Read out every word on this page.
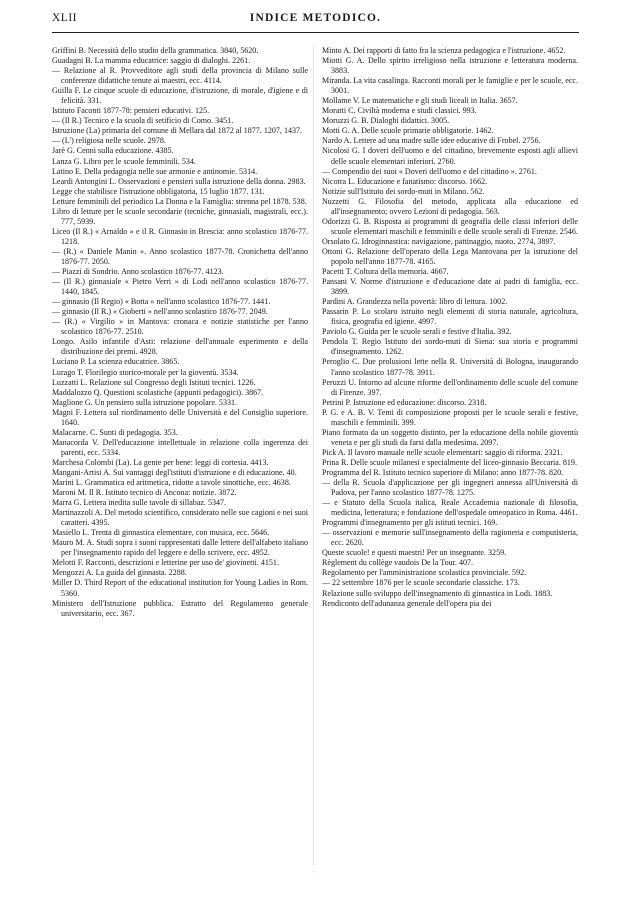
XLII	INDICE METODICO.

Griffini B. Necessità dello studio della grammatica. 3840, 5620.

Guadagni B. La mamma educatrice: saggio di dialoghi. 2261.

— Relazione al R. Provveditore agli studi della provincia di Milano sulle conferenze didattiche tenute ai maestri, ecc. 4114.

Guilla F. Le cinque scuole di educazione, d'istruzione, di morale, d'igiene e di felicità. 331.

Istituto Faconti 1877-78: pensieri educativi. 125.

— (Il R.) Tecnico e la scuola di setificio di Como. 3451.

Istruzione (La) primaria del comune di Mellara dal 1872 al 1877. 1207, 1437.

— (L') religiosa nelle scuole. 2978.

Jarè G. Cenni sulla educazione. 4385.

Lanza G. Libro per le scuole femminili. 534.

Latino E. Della pedagogia nelle sue armonie e antinomie. 5314.

Leardi Antongini L. Osservazioni e pensieri sulla istruzione della donna. 2983.

Legge che stabilisce l'istruzione obbligatoria, 15 luglio 1877. 131.

Letture femminili del periodico La Donna e la Famiglia: strenna pel 1878. 538.

Libro di letture per le scuole secondarie (tecniche, ginnasiali, magistrali, ecc.). 777, 5939.

Liceo (Il R.) « Arnaldo » e il R. Ginnasio in Brescia: anno scolastico 1876-77. 1218.

— (R.) « Daniele Manin ». Anno scolastico 1877-78. Cronichetta dell'anno 1876-77. 2050.

— Piazzi di Sondrio. Anno scolastico 1876-77. 4123.

— (Il R.) ginnasiale « Pietro Verri » di Lodi nell'anno scolastico 1876-77. 1440, 1845.

— ginnasio (Il Regio) « Botta » nell'anno scolastico 1876-77. 1441.

— ginnasio (Il R.) « Gioberti » nell'anno scolastico 1876-77. 2049.

— (R.) « Virgilio » in Mantova: cronaca e notizie statistiche per l'anno scolastico 1876-77. 2510.

Longo. Asilo infantile d'Asti: relazione dell'annuale esperimento e della distribuzione dei premi. 4928.

Luciano P. La scienza educatrice. 3865.

Lurago T. Florilegio storico-morale per la gioventù. 3534.

Luzzatti L. Relazione sul Congresso degli Istituti tecnici. 1226.

Maddalozzo Q. Questioni scolastiche (appunti pedagogici). 3867.

Maglione G. Un pensiero sulla istruzione popolare. 5331.

Magni F. Lettera sul riordinamento delle Università e del Consiglio superiore. 1640.

Malacarne. C. Sunti di pedagogia. 353.

Manacorda V. Dell'educazione intellettuale in relazione colla ingerenza dei parenti, ecc. 5334.

Marchesa Colombi (La). La gente per bene: leggi di cortesia. 4413.

Mangani-Artisi A. Sui vantaggi degl'istituti d'istruzione e di educazione. 40.

Marini L. Grammatica ed aritmetica, ridotte a tavole sinottiche, ecc. 4638.

Maroni M. Il R. Istituto tecnico di Ancona: notizie. 3872.

Marra G. Lettera inedita sulle tavole di sillabaz. 5347.

Martinazzoli A. Del metodo scientifico, considerato nelle sue cagioni e nei suoi caratteri. 4395.

Masiello L. Trenta di ginnastica elementare, con musica, ecc. 5646.

Mauro M. A. Studi sopra i suoni rappresentati dalle lettere dell'alfabeto italiano per l'insegnamento rapido del leggere e dello scrivere, ecc. 4952.

Melotti F. Racconti, descrizioni e letterine per uso de' giovinetti. 4151.

Mengozzi A. La guida del ginnasta. 2288.

Miller D. Third Report of the educational institution for Young Ladies in Rom. 5360.

Ministero dell'Istruzione pubblica. Estratto del Regolamento generale universitario, ecc. 367.

Minto A. Dei rapporti di fatto fra la scienza pedagogica e l'istruzione. 4652.

Miotti G. A. Dello spirito irreligioso nella istruzione e letteratura moderna. 3883.

Miranda. La vita casalinga. Racconti morali per le famiglie e per le scuole, ecc. 3001.

Mollame V. Le matematiche e gli studi liceali in Italia. 3657.

Moratti C. Civiltà moderna e studi classici. 993.

Moruzzi G. B. Dialoghi didattici. 3005.

Motti G. A. Delle scuole primarie obbligatorie. 1462.

Nardo A. Lettere ad una madre sulle idee educative di Frobel. 2756.

Nicolosi G. I doveri dell'uomo e del cittadino, brevemente esposti agli allievi delle scuole elementari inferiori. 2760.

— Compendio dei suoi « Doveri dell'uomo e del cittadino ». 2761.

Nicotra L. Educazione e fanatismo: discorso. 1662.

Notizie sull'Istituto dei sordo-muti in Milano. 562.

Nuzzetti G. Filosofia del metodo, applicata alla educazione ed all'insegnamento; ovvero Lezioni di pedagogia. 563.

Odorizzi G. B. Risposta ai programmi di geografia delle classi inferiori delle scuole elementari maschili e femminili e delle scuole serali di Firenze. 2546.

Orsolato G. Idroginnastica: navigazione, pattinaggio, nuoto. 2774, 3897.

Ottoni G. Relazione dell'operato della Lega Mantovana per la istruzione del popolo nell'anno 1877-78. 4165.

Pacetti T. Coltura della memoria. 4667.

Pansani V. Norme d'istruzione e d'educazione date ai padri di famiglia, ecc. 3899.

Pardini A. Grandezza nella povertà: libro di lettura. 1002.

Passarin P. Lo scolaro istruito negli elementi di storia naturale, agricoltura, fisica, geografia ed igiene. 4997.

Paviolo G. Guida per le scuole serali e festive d'Italia. 392.

Pendola T. Regio Istituto dei sordo-muti di Siena: sua storia e programmi d'insegnamento. 1262.

Peroglio C. Due prolusioni lette nella R. Università di Bologna, inaugurando l'anno scolastico 1877-78. 3911.

Peruzzi U. Intorno ad alcune riforme dell'ordinamento delle scuole del comune di Firenze. 397.

Petrini P. Istruzione ed educazione: discorso. 2318.

P. G. e A. B. V. Temi di composizione proposti per le scuole serali e festive, maschili e femminili. 399.

Piano formato da un soggetto distinto, per la educazione della nobile gioventù veneta e per gli studi da farsi dalla medesima. 2097.

Pick A. Il lavoro manuale nelle scuole elementari: saggio di riforma. 2321.

Prina R. Delle scuole milanesi e specialmente del liceo-ginnasio Beccaria. 819.

Programma del R. Istituto tecnico superiore di Milano: anno 1877-78. 820.

— della R. Scuola d'applicazione per gli ingegneri annessa all'Università di Padova, per l'anno scolastico 1877-78. 1275.

— e Statuto della Scuola italica, Reale Accademia nazionale di filosofia, medicina, letteratura; e fondazione dell'ospedale omeopatico in Roma. 4461.

Programmi d'insegnamento per gli istituti tecnici. 169.

— osservazioni e memorie sull'insegnamento della ragioneria e computisteria, ecc. 2620.

Queste scuole! e questi maestri! Per un insegnante. 3259.

Règlement du collège vaudois De la Tour. 407.

Regolamento per l'amministrazione scolastica provinciale. 592.

— 22 settembre 1876 per le scuole secondarie classiche. 173.

Relazione sullo sviluppo dell'insegnamento di ginnastica in Lodi. 1883.

Rendiconto dell'adunanza generale dell'opera pia dei

·
